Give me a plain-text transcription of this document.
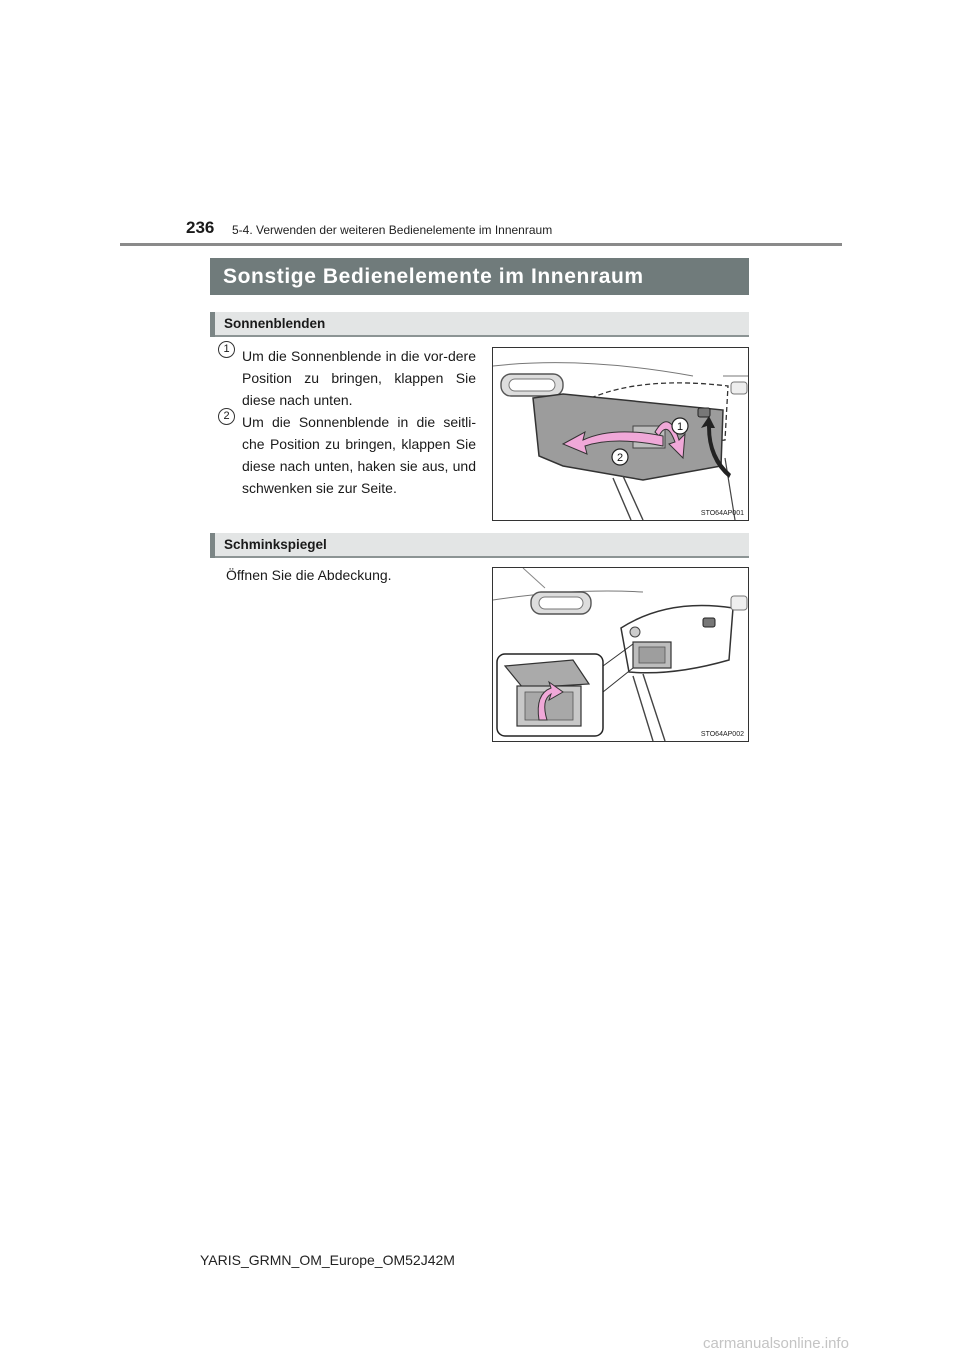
236 5-4. Verwenden der weiteren Bedienelemente im Innenraum
Sonstige Bedienelemente im Innenraum
Sonnenblenden
1 Um die Sonnenblende in die vor-dere Position zu bringen, klappen Sie diese nach unten.
2 Um die Sonnenblende in die seitli-che Position zu bringen, klappen Sie diese nach unten, haken sie aus, und schwenken sie zur Seite.
1
2
STO64AP001
Schminkspiegel
Öffnen Sie die Abdeckung.
STO64AP002
YARIS_GRMN_OM_Europe_OM52J42M
carmanualsonline.info
